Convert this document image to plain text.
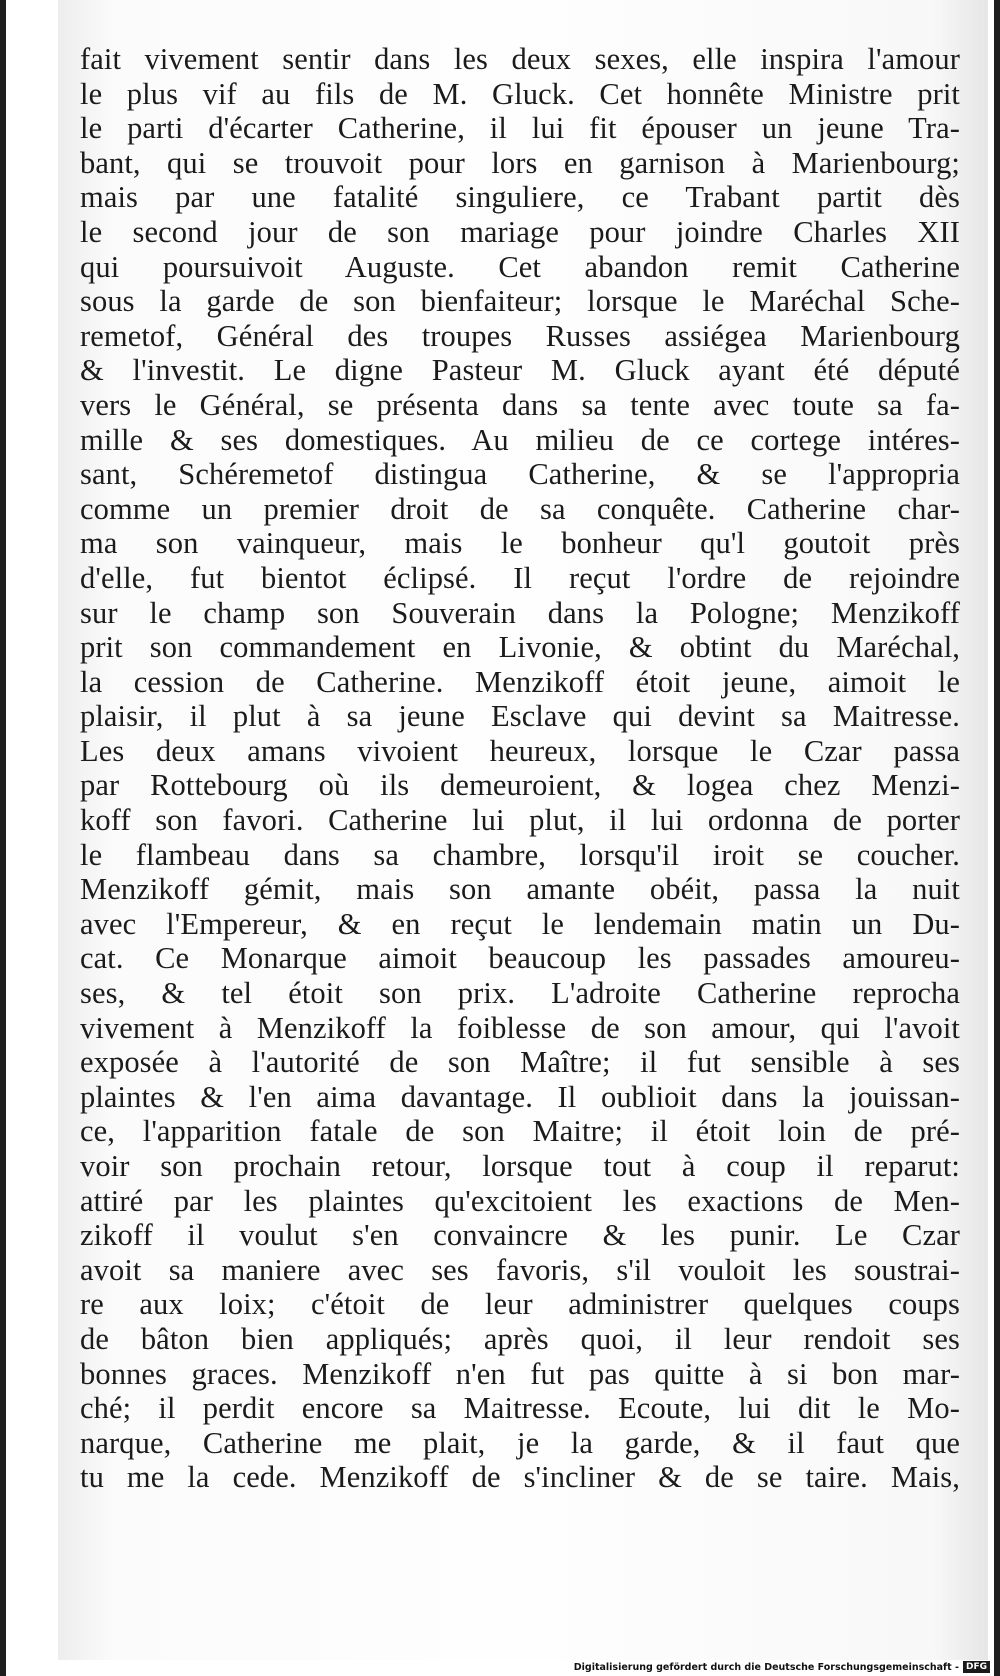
fait vivement sentir dans les deux sexes, elle inspira l'amour
le plus vif au fils de M. Gluck. Cet honnête Ministre prit
le parti d'écarter Catherine, il lui fit épouser un jeune Tra-
bant, qui se trouvoit pour lors en garnison à Marienbourg;
mais par une fatalité singuliere, ce Trabant partit dès
le second jour de son mariage pour joindre Charles XII
qui poursuivoit Auguste. Cet abandon remit Catherine
sous la garde de son bienfaiteur; lorsque le Maréchal Sche-
remetof, Général des troupes Russes assiégea Marienbourg
& l'investit. Le digne Pasteur M. Gluck ayant été député
vers le Général, se présenta dans sa tente avec toute sa fa-
mille & ses domestiques. Au milieu de ce cortege intéres-
sant, Schéremetof distingua Catherine, & se l'appropria
comme un premier droit de sa conquête. Catherine char-
ma son vainqueur, mais le bonheur qu'l goutoit près
d'elle, fut bientot éclipsé. Il reçut l'ordre de rejoindre
sur le champ son Souverain dans la Pologne; Menzikoff
prit son commandement en Livonie, & obtint du Maréchal,
la cession de Catherine. Menzikoff étoit jeune, aimoit le
plaisir, il plut à sa jeune Esclave qui devint sa Maitresse.
Les deux amans vivoient heureux, lorsque le Czar passa
par Rottebourg où ils demeuroient, & logea chez Menzi-
koff son favori. Catherine lui plut, il lui ordonna de porter
le flambeau dans sa chambre, lorsqu'il iroit se coucher.
Menzikoff gémit, mais son amante obéit, passa la nuit
avec l'Empereur, & en reçut le lendemain matin un Du-
cat. Ce Monarque aimoit beaucoup les passades amoureu-
ses, & tel étoit son prix. L'adroite Catherine reprocha
vivement à Menzikoff la foiblesse de son amour, qui l'avoit
exposée à l'autorité de son Maître; il fut sensible à ses
plaintes & l'en aima davantage. Il oublioit dans la jouissan-
ce, l'apparition fatale de son Maitre; il étoit loin de pré-
voir son prochain retour, lorsque tout à coup il reparut:
attiré par les plaintes qu'excitoient les exactions de Men-
zikoff il voulut s'en convaincre & les punir. Le Czar
avoit sa maniere avec ses favoris, s'il vouloit les soustrai-
re aux loix; c'étoit de leur administrer quelques coups
de bâton bien appliqués; après quoi, il leur rendoit ses
bonnes graces. Menzikoff n'en fut pas quitte à si bon mar-
ché; il perdit encore sa Maitresse. Ecoute, lui dit le Mo-
narque, Catherine me plait, je la garde, & il faut que
tu me la cede. Menzikoff de s'incliner & de se taire. Mais,
Digitalisierung gefördert durch die Deutsche Forschungsgemeinschaft - DFG
